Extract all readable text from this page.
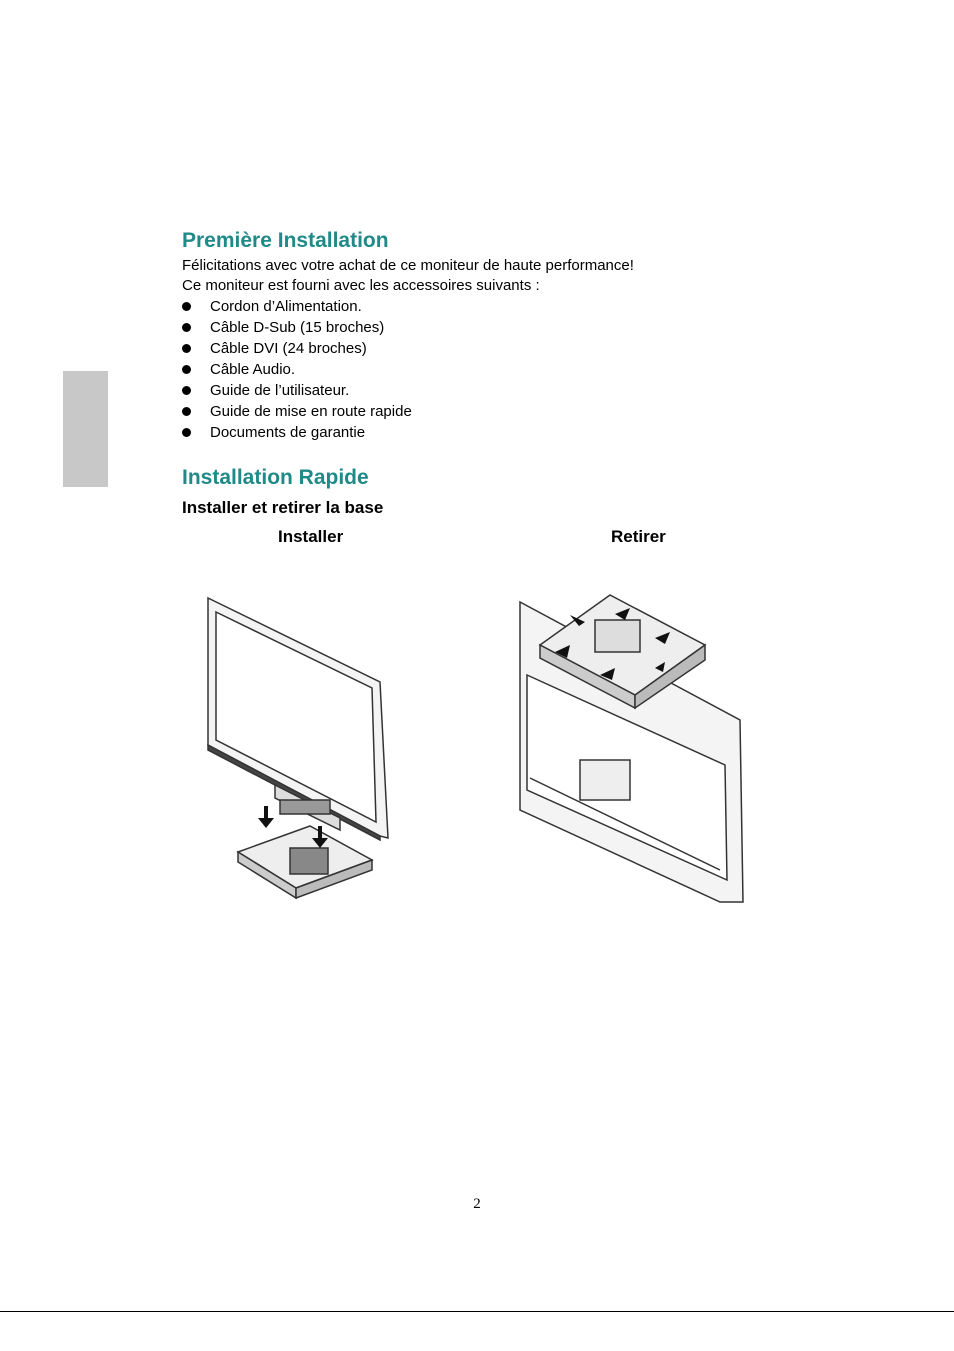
Première Installation
Félicitations avec votre achat de ce moniteur de haute performance!
Ce moniteur est fourni avec les accessoires suivants :
Cordon d’Alimentation.
Câble D-Sub (15 broches)
Câble DVI (24 broches)
Câble Audio.
Guide de l’utilisateur.
Guide de mise en route rapide
Documents de garantie
Installation Rapide
Installer et retirer la base
Installer	Retirer
2
